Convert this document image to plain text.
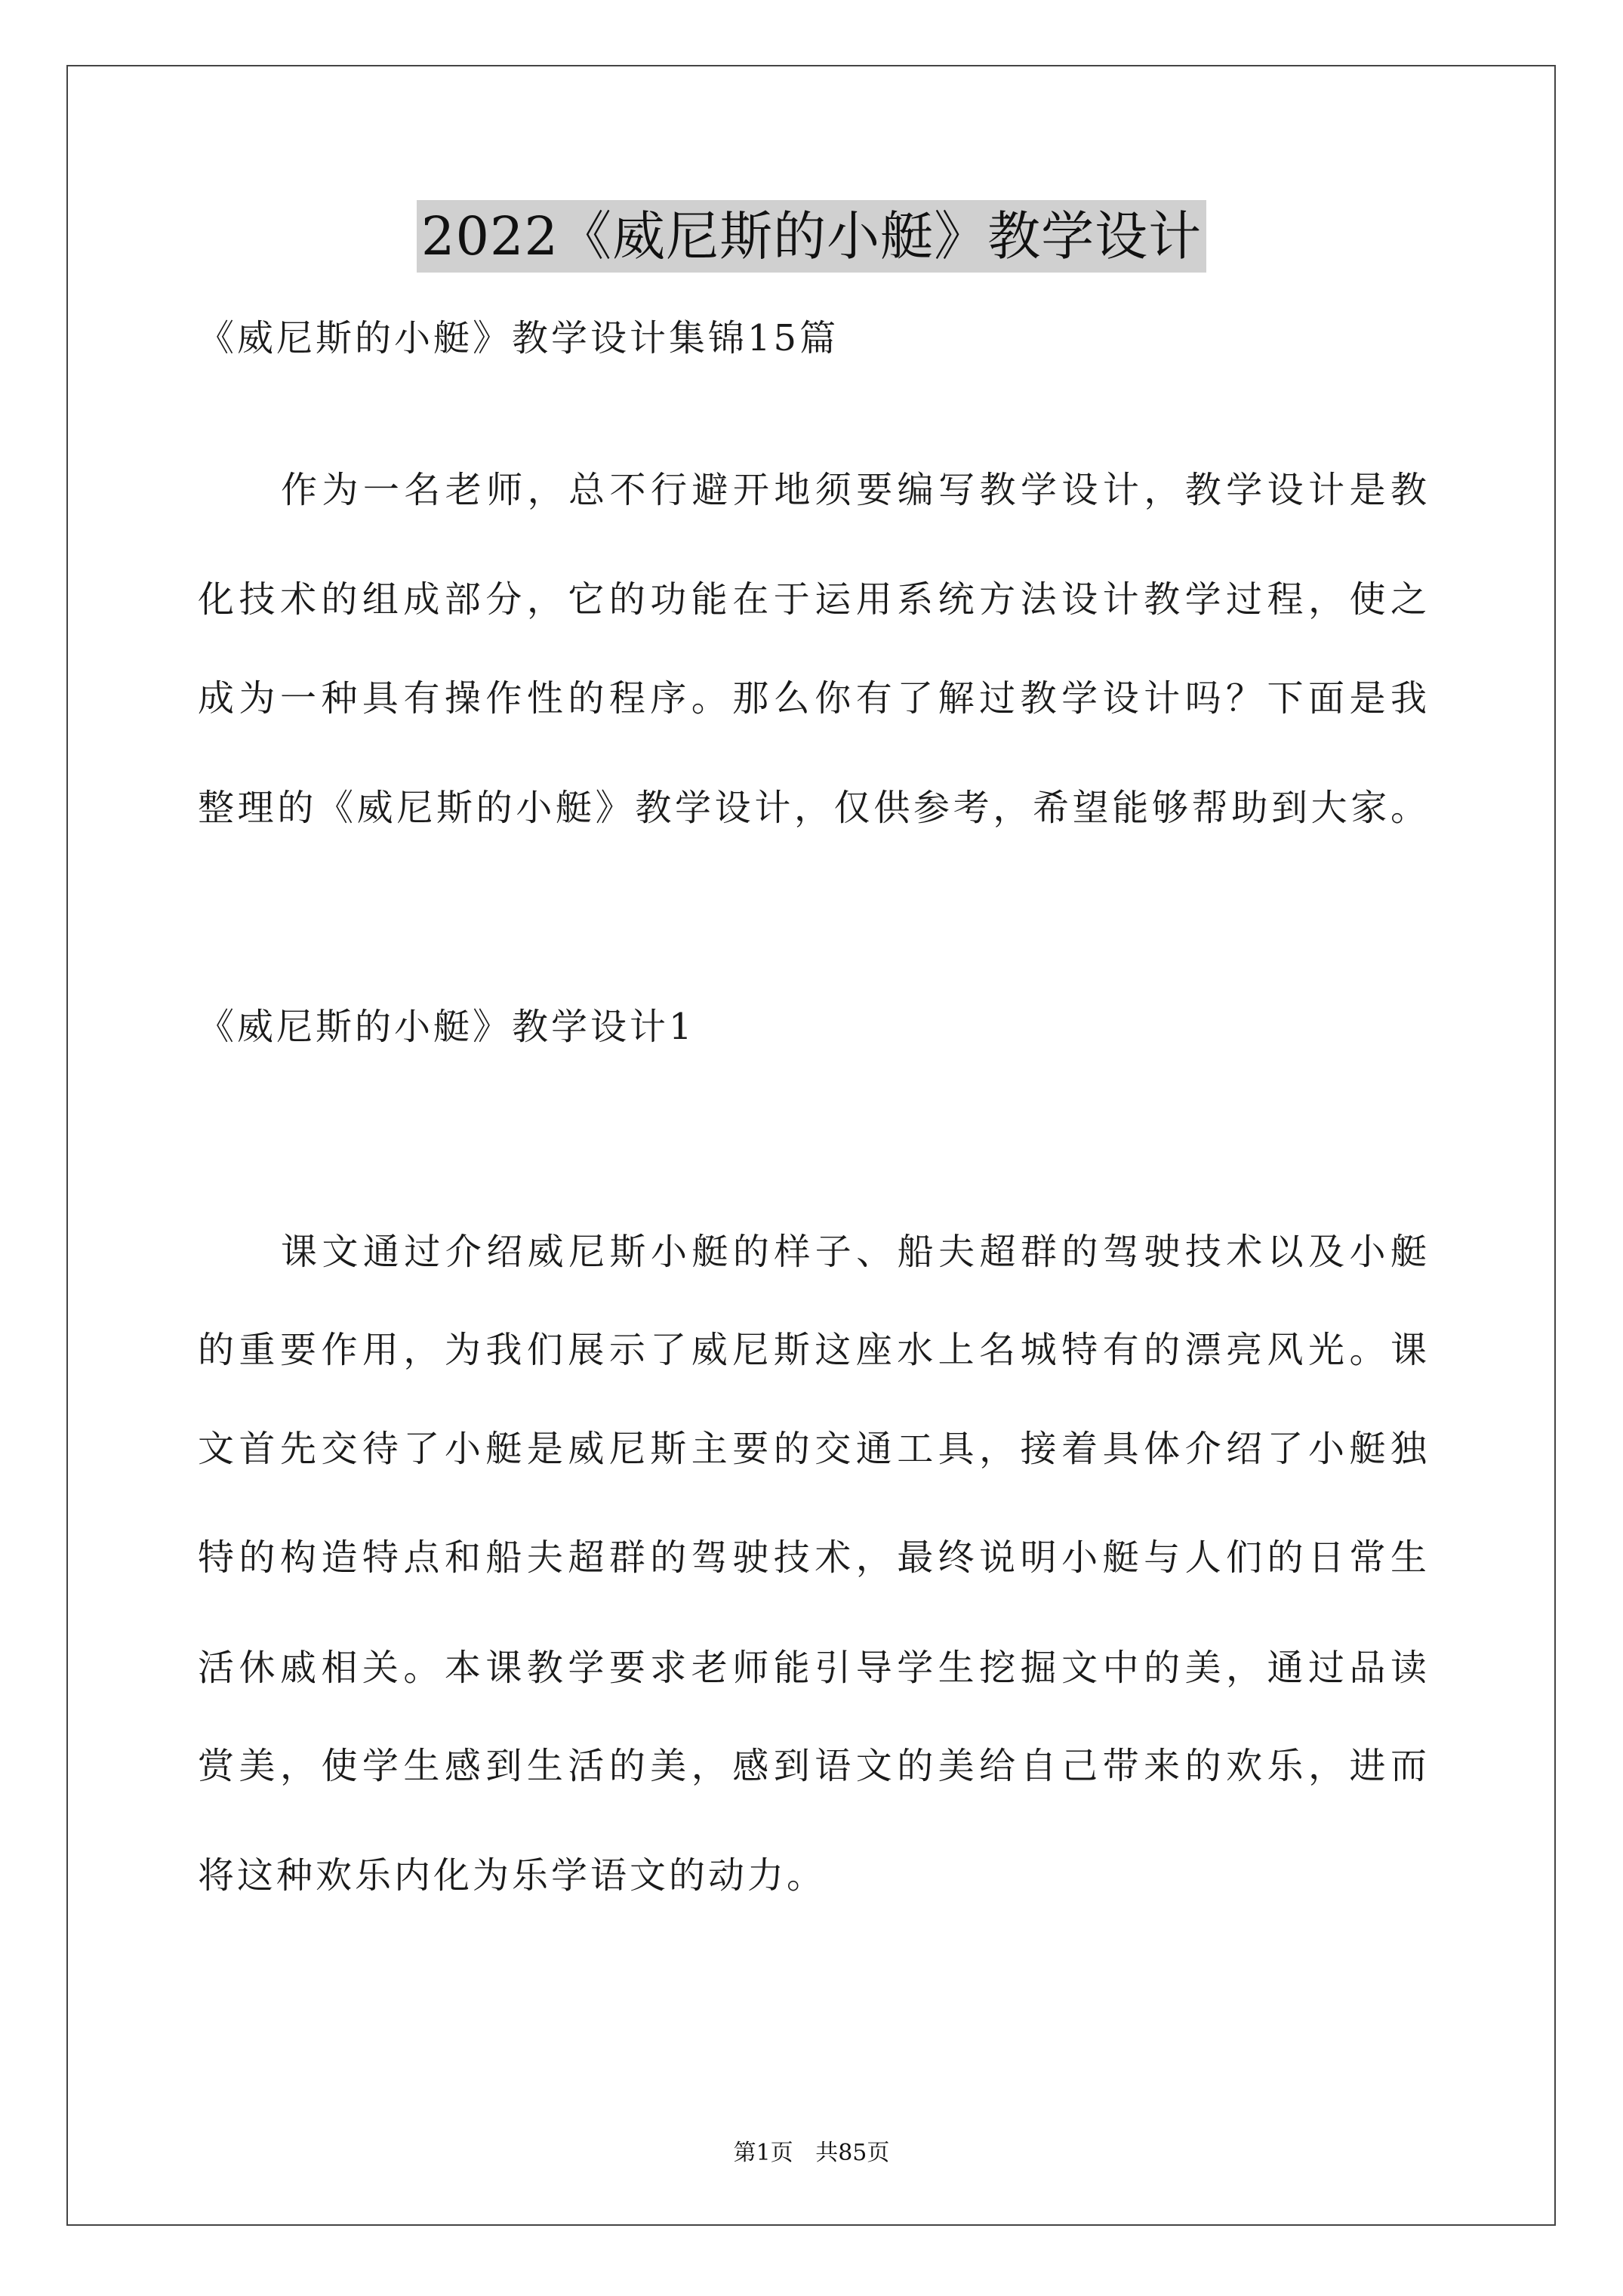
2022《威尼斯的小艇》教学设计
《威尼斯的小艇》教学设计集锦15篇
作为一名老师，总不行避开地须要编写教学设计，教学设计是教
化技术的组成部分，它的功能在于运用系统方法设计教学过程，使之
成为一种具有操作性的程序。那么你有了解过教学设计吗？下面是我
整理的《威尼斯的小艇》教学设计，仅供参考，希望能够帮助到大家。
《威尼斯的小艇》教学设计1
课文通过介绍威尼斯小艇的样子、船夫超群的驾驶技术以及小艇
的重要作用，为我们展示了威尼斯这座水上名城特有的漂亮风光。课
文首先交待了小艇是威尼斯主要的交通工具，接着具体介绍了小艇独
特的构造特点和船夫超群的驾驶技术，最终说明小艇与人们的日常生
活休戚相关。本课教学要求老师能引导学生挖掘文中的美，通过品读
赏美，使学生感到生活的美，感到语文的美给自己带来的欢乐，进而
将这种欢乐内化为乐学语文的动力。
第1页 共85页
